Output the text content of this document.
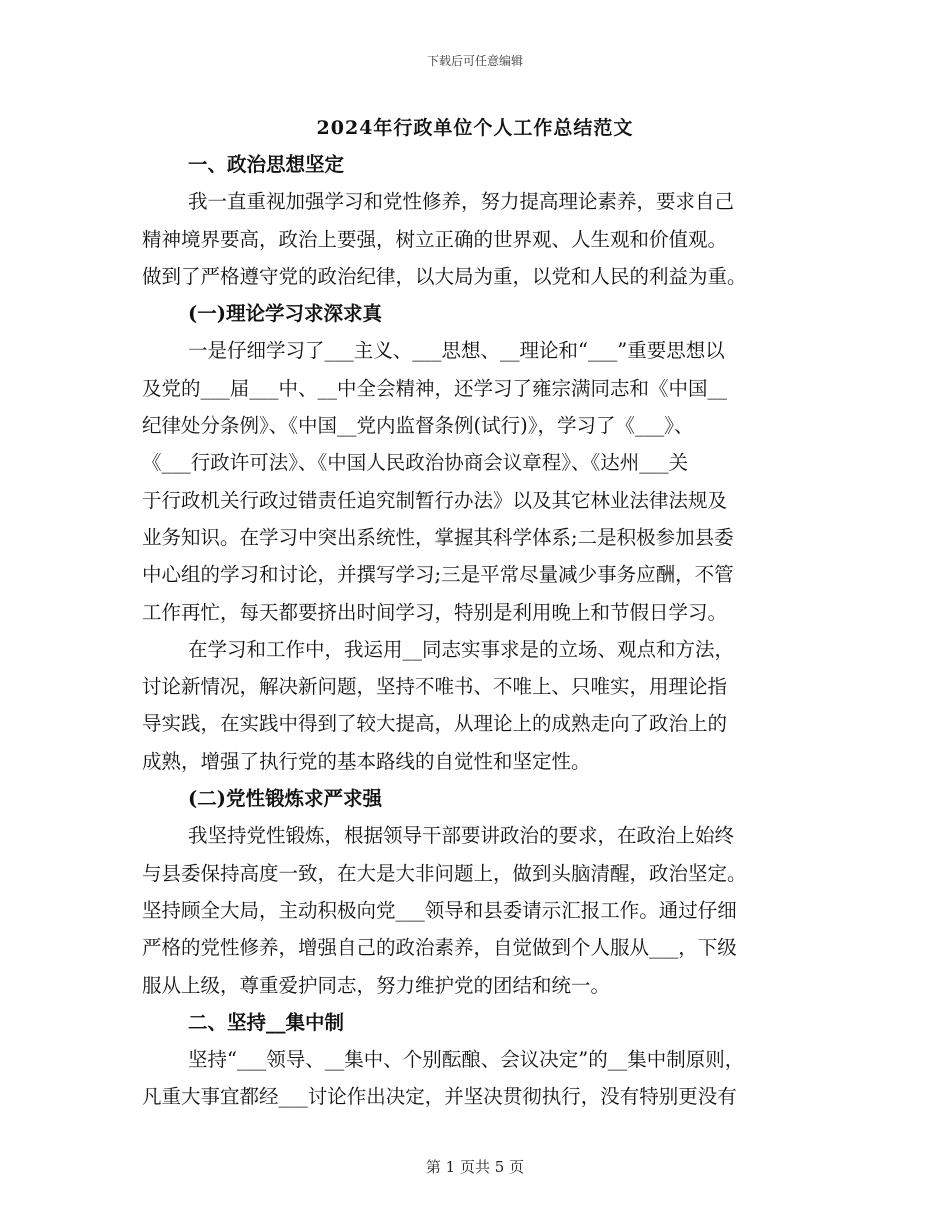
下载后可任意编辑
2024年行政单位个人工作总结范文
一、政治思想坚定
我一直重视加强学习和党性修养，努力提高理论素养，要求自己
精神境界要高，政治上要强，树立正确的世界观、人生观和价值观。
做到了严格遵守党的政治纪律，以大局为重，以党和人民的利益为重。
(一)理论学习求深求真
一是仔细学习了___主义、___思想、__理论和“___”重要思想以
及党的___届___中、__中全会精神，还学习了雍宗满同志和《中国__
纪律处分条例》、《中国__党内监督条例(试行)》，学习了《___》、
《___行政许可法》、《中国人民政治协商会议章程》、《达州___关
于行政机关行政过错责任追究制暂行办法》以及其它林业法律法规及
业务知识。在学习中突出系统性，掌握其科学体系;二是积极参加县委
中心组的学习和讨论，并撰写学习;三是平常尽量减少事务应酬，不管
工作再忙，每天都要挤出时间学习，特别是利用晚上和节假日学习。
在学习和工作中，我运用__同志实事求是的立场、观点和方法，
讨论新情况，解决新问题，坚持不唯书、不唯上、只唯实，用理论指
导实践，在实践中得到了较大提高，从理论上的成熟走向了政治上的
成熟，增强了执行党的基本路线的自觉性和坚定性。
(二)党性锻炼求严求强
我坚持党性锻炼，根据领导干部要讲政治的要求，在政治上始终
与县委保持高度一致，在大是大非问题上，做到头脑清醒，政治坚定。
坚持顾全大局，主动积极向党___领导和县委请示汇报工作。通过仔细
严格的党性修养，增强自己的政治素养，自觉做到个人服从___，下级
服从上级，尊重爱护同志，努力维护党的团结和统一。
二、坚持__集中制
坚持“___领导、__集中、个别酝酿、会议决定”的__集中制原则，
凡重大事宜都经___讨论作出决定，并坚决贯彻执行，没有特别更没有
第 1 页共 5 页
